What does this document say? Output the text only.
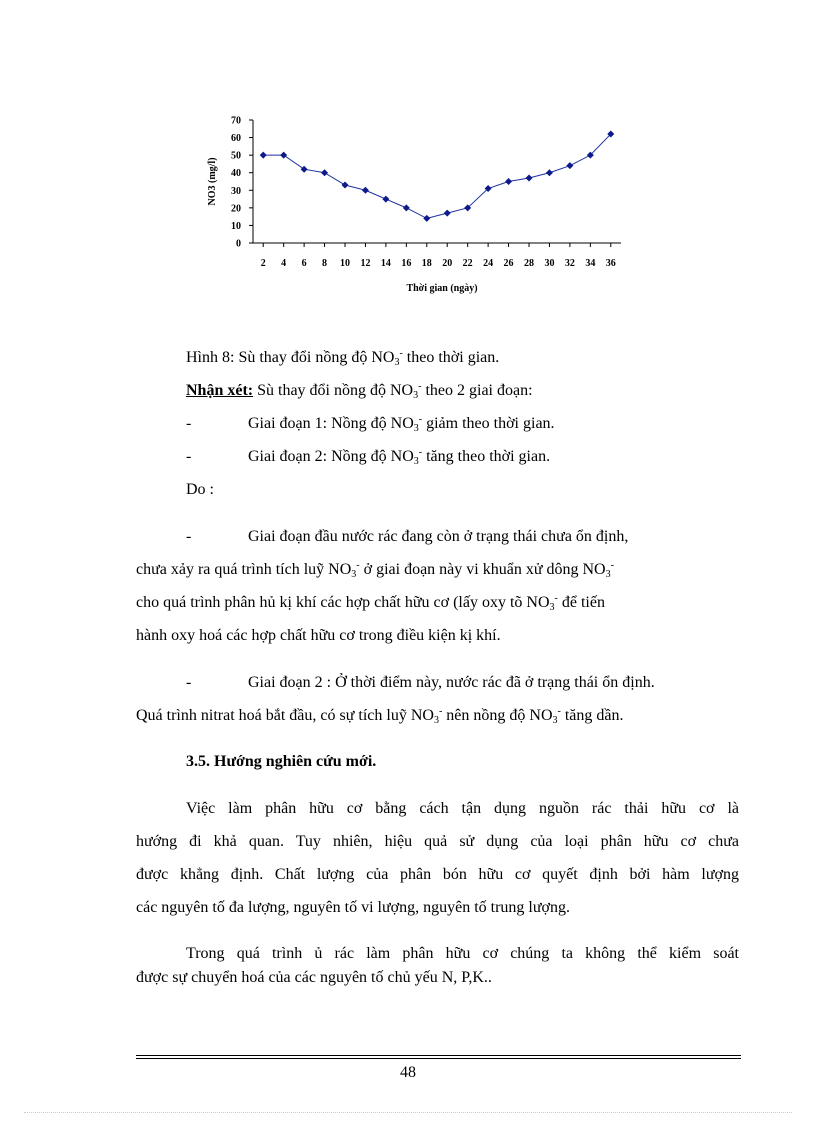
0
10
20
30
40
50
60
70
2 4 6 8 10 12 14 16 18 20 22 24 26 28 30 32 34 36
Thời gian (ngày)
NO3 (mg/l)
Hình 8: Sù thay đổi nồng độ $NO_3^-$ theo thời gian.
Nhận xét: Sù thay đổi nồng độ $NO_3^-$ theo 2 giai đoạn:
-	Giai đoạn 1: Nồng độ $NO_3^-$ giảm theo thời gian.
-	Giai đoạn 2: Nồng độ $NO_3^-$ tăng theo thời gian.
Do :
-	Giai đoạn đầu nước rác đang còn ở trạng thái chưa ổn định,
chưa xảy ra quá trình tích luỹ $NO_3^-$ ở giai đoạn này vi khuẩn xử dông $NO_3^-$
cho quá trình phân hủ kị khí các hợp chất hữu cơ (lấy oxy tõ $NO_3^-$ để tiến
hành oxy hoá các hợp chất hữu cơ trong điều kiện kị khí.
-	Giai đoạn 2 : Ở thời điểm này, nước rác đã ở trạng thái ổn định.
Quá trình nitrat hoá bắt đầu, có sự tích luỹ $NO_3^-$ nên nồng độ $NO_3^-$ tăng dần.
3.5. Hướng nghiên cứu mới.
Việc làm phân hữu cơ bằng cách tận dụng nguồn rác thải hữu cơ là
hướng đi khả quan. Tuy nhiên, hiệu quả sử dụng của loại phân hữu cơ chưa
được khẳng định. Chất lượng của phân bón hữu cơ quyết định bởi hàm lượng
các nguyên tố đa lượng, nguyên tố vi lượng, nguyên tố trung lượng.
Trong quá trình ủ rác làm phân hữu cơ chúng ta không thể kiểm soát
được sự chuyển hoá của các nguyên tố chủ yếu N, P,K..
48
